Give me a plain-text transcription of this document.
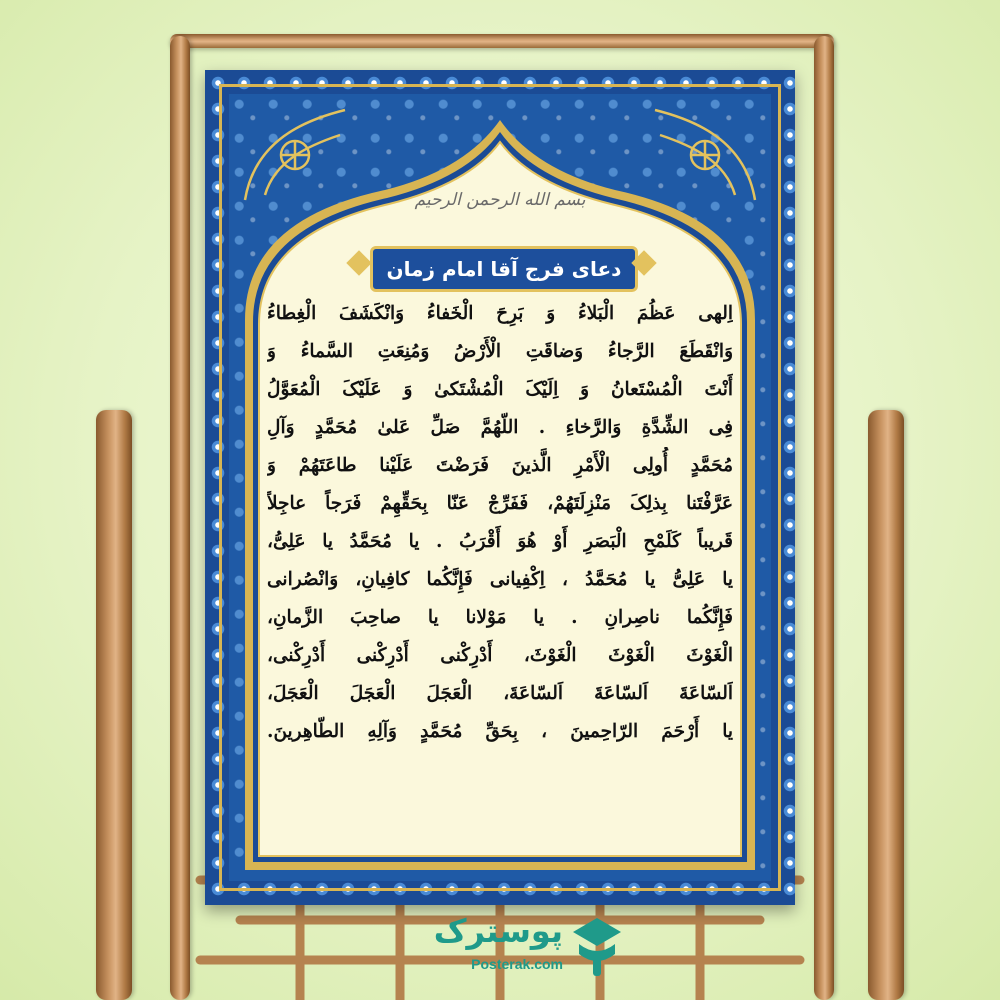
بسم الله الرحمن الرحیم
دعای فرج آقا امام زمان
اِلهی عَظُمَ الْبَلاءُ وَ بَرِحَ الْخَفاءُ وَانْکَشَفَ الْغِطاءُ
وَانْقَطَعَ الرَّجاءُ وَضاقَتِ الْأَرْضُ وَمُنِعَتِ السَّماءُ وَ
أَنْتَ الْمُسْتَعانُ وَ اِلَیْکَ الْمُشْتَکیٰ وَ عَلَیْکَ الْمُعَوَّلُ
فِی الشِّدَّةِ وَالرَّخاءِ . اللّهُمَّ صَلِّ عَلیٰ مُحَمَّدٍ وَآلِ
مُحَمَّدٍ أُولِی الْأَمْرِ الَّذینَ فَرَضْتَ عَلَیْنا طاعَتَهُمْ وَ
عَرَّفْتَنا بِذلِکَ مَنْزِلَتَهُمْ، فَفَرِّجْ عَنّا بِحَقِّهِمْ فَرَجاً عاجِلاً
قَریباً کَلَمْحِ الْبَصَرِ أَوْ هُوَ أَقْرَبُ . یا مُحَمَّدُ یا عَلِیُّ،
یا عَلِیُّ یا مُحَمَّدُ ، اِکْفِیانی فَإِنَّکُما کافِیانِ، وَانْصُرانی
فَإِنَّکُما ناصِرانِ . یا مَوْلانا یا صاحِبَ الزَّمانِ،
الْغَوْثَ الْغَوْثَ الْغَوْثَ، أَدْرِکْنی أَدْرِکْنی أَدْرِکْنی،
اَلسّاعَةَ اَلسّاعَةَ اَلسّاعَةَ، الْعَجَلَ الْعَجَلَ الْعَجَلَ،
یا أَرْحَمَ الرّاحِمینَ ، بِحَقِّ مُحَمَّدٍ وَآلِهِ الطّاهِرینَ.
پوسترک
Posterak.com
